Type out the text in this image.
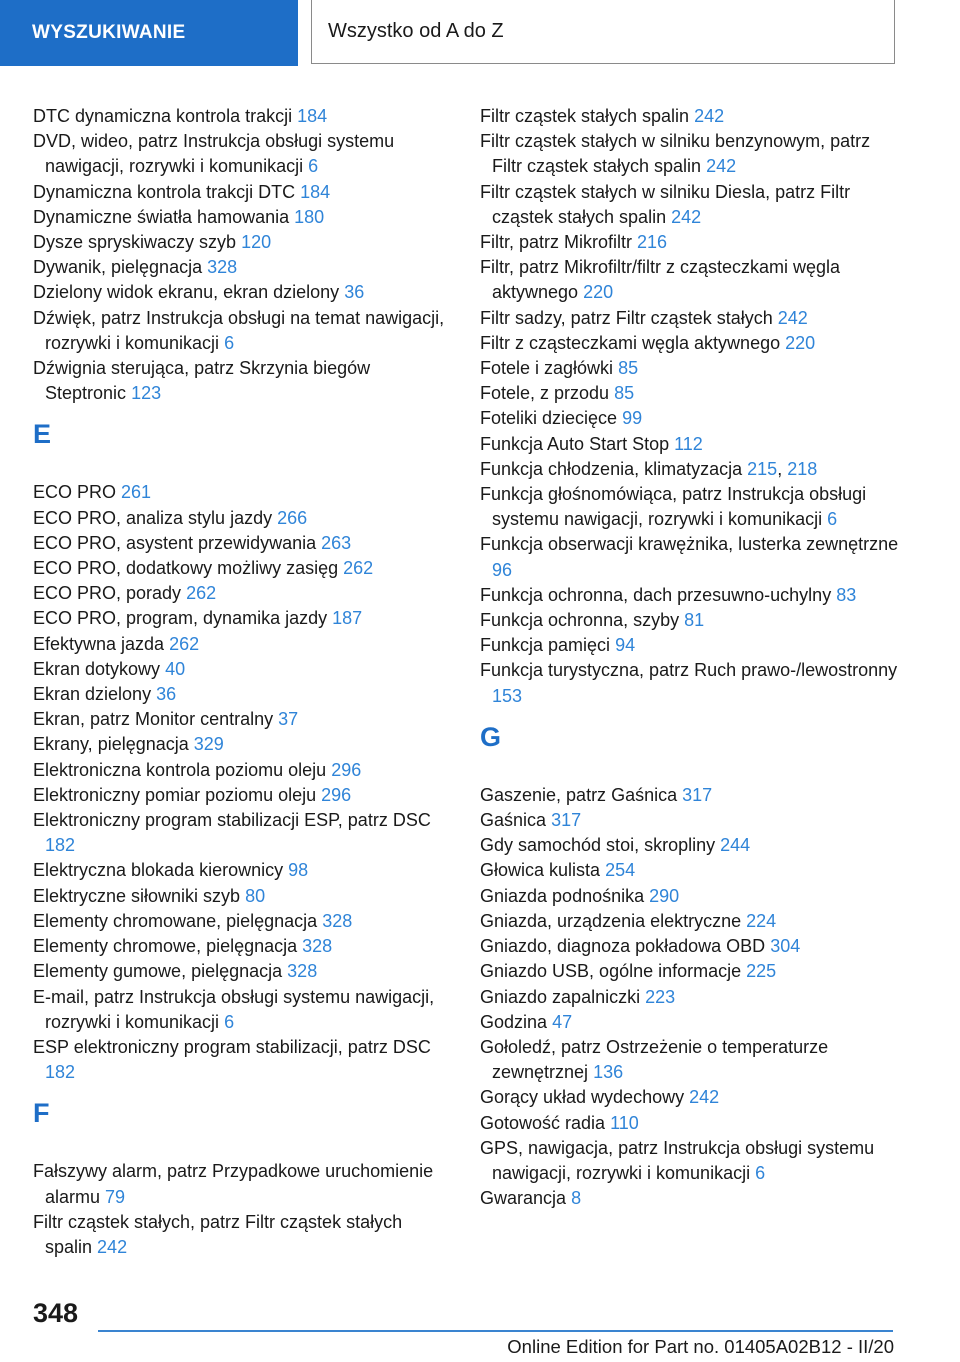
WYSZUKIWANIE	Wszystko od A do Z

DTC dynamiczna kontrola trakcji 184

DVD, wideo, patrz Instrukcja obsługi systemu nawigacji, rozrywki i komunikacji 6

Dynamiczna kontrola trakcji DTC 184

Dynamiczne światła hamowania 180

Dysze spryskiwaczy szyb 120

Dywanik, pielęgnacja 328

Dzielony widok ekranu, ekran dzielony 36

Dźwięk, patrz Instrukcja obsługi na temat nawigacji, rozrywki i komunikacji 6

Dźwignia sterująca, patrz Skrzynia biegów Steptronic 123

E

ECO PRO 261

ECO PRO, analiza stylu jazdy 266

ECO PRO, asystent przewidywania 263

ECO PRO, dodatkowy możliwy zasięg 262

ECO PRO, porady 262

ECO PRO, program, dynamika jazdy 187

Efektywna jazda 262

Ekran dotykowy 40

Ekran dzielony 36

Ekran, patrz Monitor centralny 37

Ekrany, pielęgnacja 329

Elektroniczna kontrola poziomu oleju 296

Elektroniczny pomiar poziomu oleju 296

Elektroniczny program stabilizacji ESP, patrz DSC 182

Elektryczna blokada kierownicy 98

Elektryczne siłowniki szyb 80

Elementy chromowane, pielęgnacja 328

Elementy chromowe, pielęgnacja 328

Elementy gumowe, pielęgnacja 328

E-mail, patrz Instrukcja obsługi systemu nawigacji, rozrywki i komunikacji 6

ESP elektroniczny program stabilizacji, patrz DSC 182

F

Fałszywy alarm, patrz Przypadkowe uruchomienie alarmu 79

Filtr cząstek stałych, patrz Filtr cząstek stałych spalin 242

Filtr cząstek stałych spalin 242

Filtr cząstek stałych w silniku benzynowym, patrz Filtr cząstek stałych spalin 242

Filtr cząstek stałych w silniku Diesla, patrz Filtr cząstek stałych spalin 242

Filtr, patrz Mikrofiltr 216

Filtr, patrz Mikrofiltr/filtr z cząsteczkami węgla aktywnego 220

Filtr sadzy, patrz Filtr cząstek stałych 242

Filtr z cząsteczkami węgla aktywnego 220

Fotele i zagłówki 85

Fotele, z przodu 85

Foteliki dziecięce 99

Funkcja Auto Start Stop 112

Funkcja chłodzenia, klimatyzacja 215, 218

Funkcja głośnomówiąca, patrz Instrukcja obsługi systemu nawigacji, rozrywki i komunikacji 6

Funkcja obserwacji krawężnika, lusterka zewnętrzne 96

Funkcja ochronna, dach przesuwno-uchylny 83

Funkcja ochronna, szyby 81

Funkcja pamięci 94

Funkcja turystyczna, patrz Ruch prawo-/lewostronny 153

G

Gaszenie, patrz Gaśnica 317

Gaśnica 317

Gdy samochód stoi, skropliny 244

Głowica kulista 254

Gniazda podnośnika 290

Gniazda, urządzenia elektryczne 224

Gniazdo, diagnoza pokładowa OBD 304

Gniazdo USB, ogólne informacje 225

Gniazdo zapalniczki 223

Godzina 47

Gołoledź, patrz Ostrzeżenie o temperaturze zewnętrznej 136

Gorący układ wydechowy 242

Gotowość radia 110

GPS, nawigacja, patrz Instrukcja obsługi systemu nawigacji, rozrywki i komunikacji 6

Gwarancja 8

348
Online Edition for Part no. 01405A02B12 - II/20
